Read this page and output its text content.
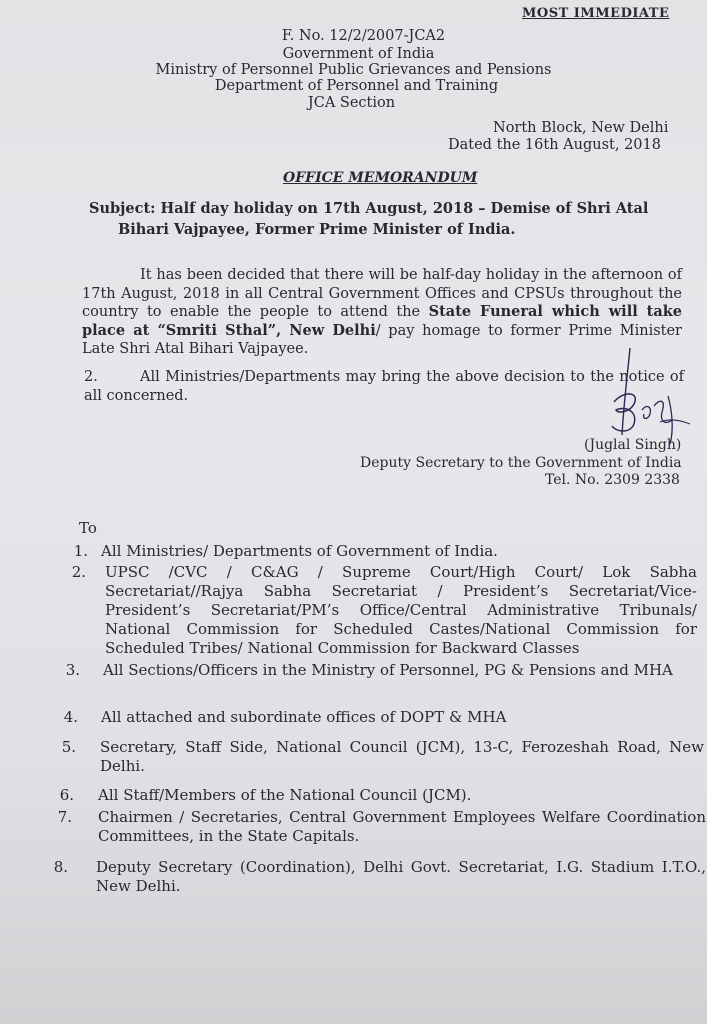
MOST IMMEDIATE
F. No. 12/2/2007-JCA2
Government of India
Ministry of Personnel Public Grievances and Pensions
Department of Personnel and Training
JCA Section
North Block, New Delhi
Dated the 16th August, 2018
OFFICE MEMORANDUM
Subject: Half day holiday on 17th August, 2018 – Demise of Shri Atal
Bihari Vajpayee, Former Prime Minister of India.
It has been decided that there will be half-day holiday in the afternoon of 17th August, 2018 in all Central Government Offices and CPSUs throughout the country to enable the people to attend the State Funeral which will take place at “Smriti Sthal”, New Delhi/ pay homage to former Prime Minister Late Shri Atal Bihari Vajpayee.
2.	All Ministries/Departments may bring the above decision to the notice of all concerned.
(Juglal Singh)
Deputy Secretary to the Government of India
Tel. No. 2309 2338
To
1. All Ministries/ Departments of Government of India.
2. UPSC /CVC / C&AG / Supreme Court/High Court/ Lok Sabha Secretariat//Rajya Sabha Secretariat / President’s Secretariat/Vice-President’s Secretariat/PM’s Office/Central Administrative Tribunals/ National Commission for Scheduled Castes/National Commission for Scheduled Tribes/ National Commission for Backward Classes
3. All Sections/Officers in the Ministry of Personnel, PG & Pensions and MHA
4. All attached and subordinate offices of DOPT & MHA
5. Secretary, Staff Side, National Council (JCM), 13-C, Ferozeshah Road, New Delhi.
6. All Staff/Members of the National Council (JCM).
7. Chairmen / Secretaries, Central Government Employees Welfare Coordination Committees, in the State Capitals.
8. Deputy Secretary (Coordination), Delhi Govt. Secretariat, I.G. Stadium I.T.O., New Delhi.
